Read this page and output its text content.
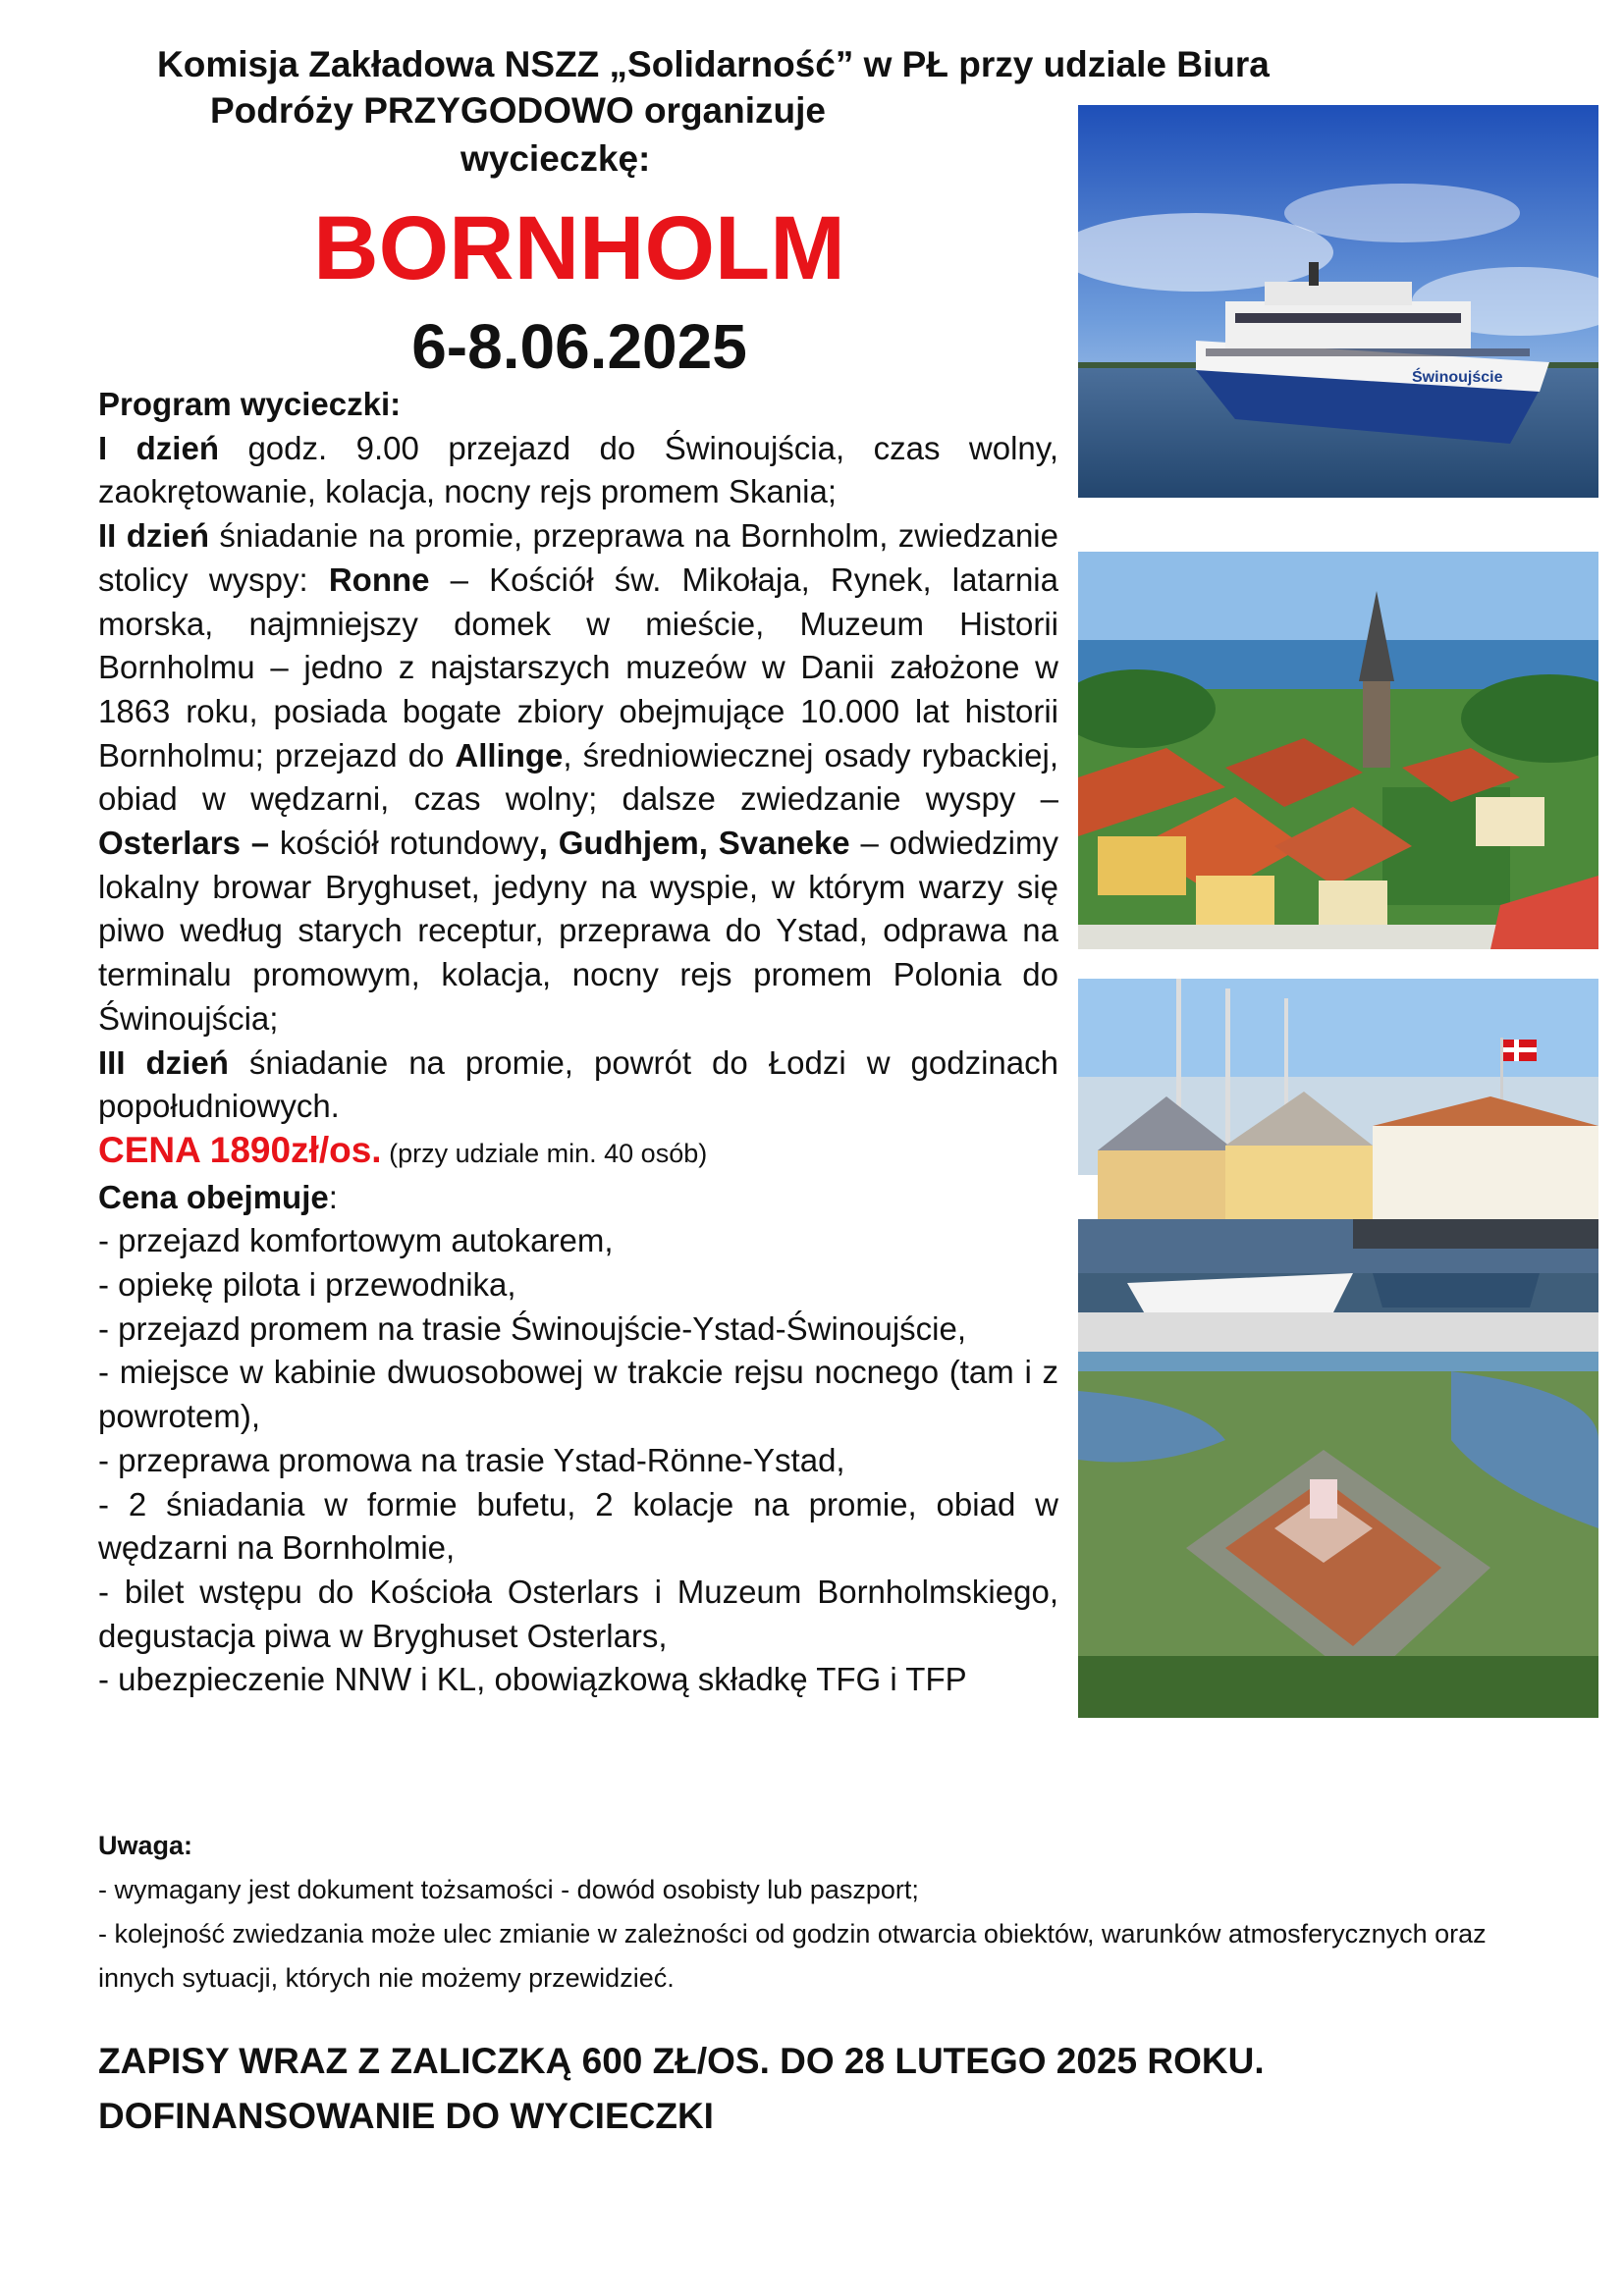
Komisja Zakładowa NSZZ „Solidarność” w PŁ przy udziale Biura
Podróży PRZYGODOWO organizuje
wycieczkę:
BORNHOLM
6-8.06.2025

Program wycieczki:

I dzień godz. 9.00 przejazd do Świnoujścia, czas wolny, zaokrętowanie, kolacja, nocny rejs promem Skania;

II dzień śniadanie na promie, przeprawa na Bornholm, zwiedzanie stolicy wyspy: Ronne – Kościół św. Mikołaja, Rynek, latarnia morska, najmniejszy domek w mieście, Muzeum Historii Bornholmu – jedno z najstarszych muzeów w Danii założone w 1863 roku, posiada bogate zbiory obejmujące 10.000 lat historii Bornholmu; przejazd do Allinge, średniowiecznej osady rybackiej, obiad w wędzarni, czas wolny; dalsze zwiedzanie wyspy – Osterlars – kościół rotundowy, Gudhjem, Svaneke – odwiedzimy lokalny browar Bryghuset, jedyny na wyspie, w którym warzy się piwo według starych receptur, przeprawa do Ystad, odprawa na terminalu promowym, kolacja, nocny rejs promem Polonia do Świnoujścia;

III dzień śniadanie na promie, powrót do Łodzi w godzinach popołudniowych.

CENA 1890zł/os. (przy udziale min. 40 osób)

Cena obejmuje:

- przejazd komfortowym autokarem,

- opiekę pilota i przewodnika,

- przejazd promem na trasie Świnoujście-Ystad-Świnoujście,

- miejsce w kabinie dwuosobowej w trakcie rejsu nocnego (tam i z powrotem),

- przeprawa promowa na trasie Ystad-Rönne-Ystad,

- 2 śniadania w formie bufetu, 2 kolacje na promie, obiad w wędzarni na Bornholmie,

- bilet wstępu do Kościoła Osterlars i Muzeum Bornholmskiego, degustacja piwa w Bryghuset Osterlars,

- ubezpieczenie NNW i KL, obowiązkową składkę TFG i TFP

Uwaga:
- wymagany jest dokument tożsamości - dowód osobisty lub paszport;
- kolejność zwiedzania może ulec zmianie w zależności od godzin otwarcia obiektów, warunków atmosferycznych oraz innych sytuacji, których nie możemy przewidzieć.
ZAPISY WRAZ Z ZALICZKĄ 600 ZŁ/OS. DO 28 LUTEGO 2025 ROKU.
DOFINANSOWANIE DO WYCIECZKI
Świnoujście
